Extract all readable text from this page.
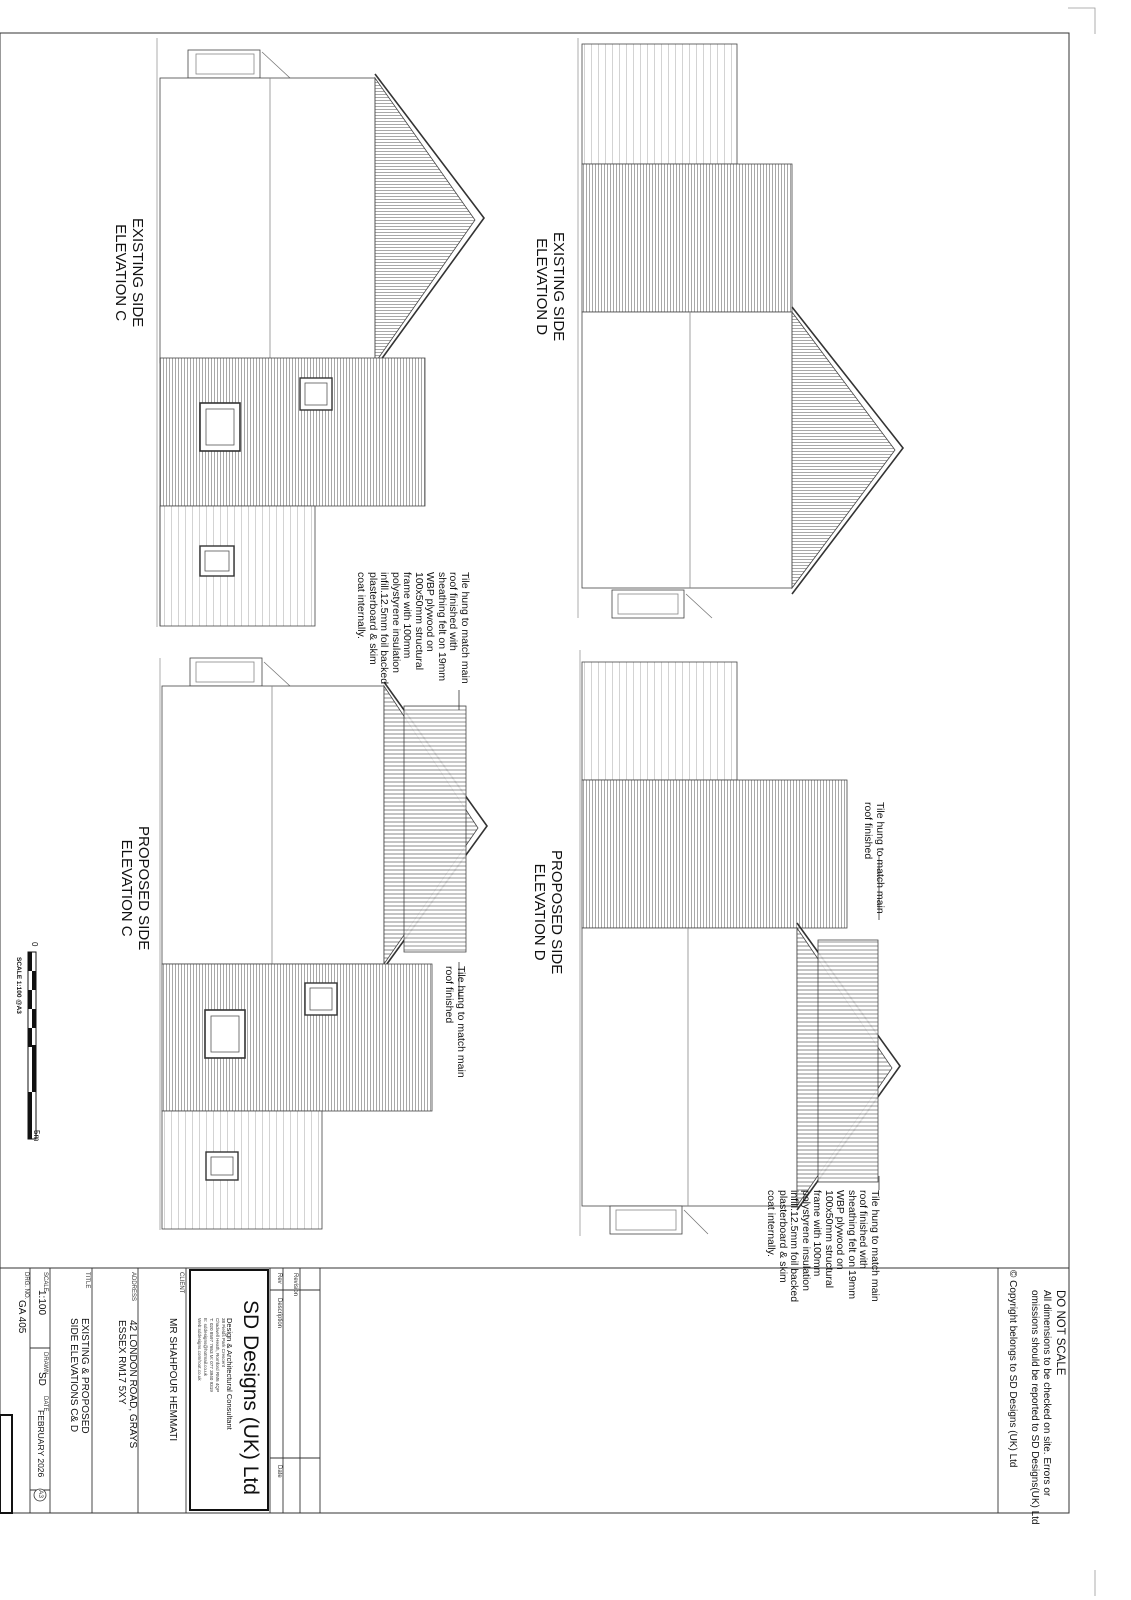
EXISTING SIDE
ELEVATION C	EXISTING SIDE
ELEVATION D
PROPOSED SIDE
ELEVATION C	PROPOSED SIDE
ELEVATION D
Tile hung to match main
roof finished with
sheathing felt on 19mm
WBP plywood on
100x50mm structural
frame with 100mm
polystyrene insulation
infill.12.5mm foil backed
plasterboard & skim
coat internally.
Tile hung to match main
roof finished
Tile hung to match main
roof finished
Tile hung to match main
roof finished with
sheathing felt on 19mm
WBP plywood on
100x50mm structural
frame with 100mm
polystyrene insulation
infill.12.5mm foil backed
plasterboard & skim
coat internally.
0
5m
SCALE 1:100 @A3
DO NOT SCALE
All dimensions to be checked on site. Errors or
omissions should be reported to SD Designs(UK) Ltd
© Copyright belongs to SD Designs (UK) Ltd
Rev Revision
Description
Date
SD Designs (UK) Ltd
Design & Architectural Consultant
38 Fields Park Crescent
Chadwell Heath, Romford RM6 4QP
T: 020 8597 7653 M: 077 3940 9319
E: sddesigns@hotmail.co.uk
Web:sddesigns.com/root.co.uk
CLIENT
MR SHAHPOUR HEMMATI
ADDRESS
42 LONDON ROAD, GRAYS
ESSEX RM17 5XY
TITLE
EXISTING & PROPOSED
SIDE ELEVATIONS C& D
SCALE
1:100
DRAWN
SD
DATE
FEBRUARY 2026
A3
DRG. NO.
GA 405
